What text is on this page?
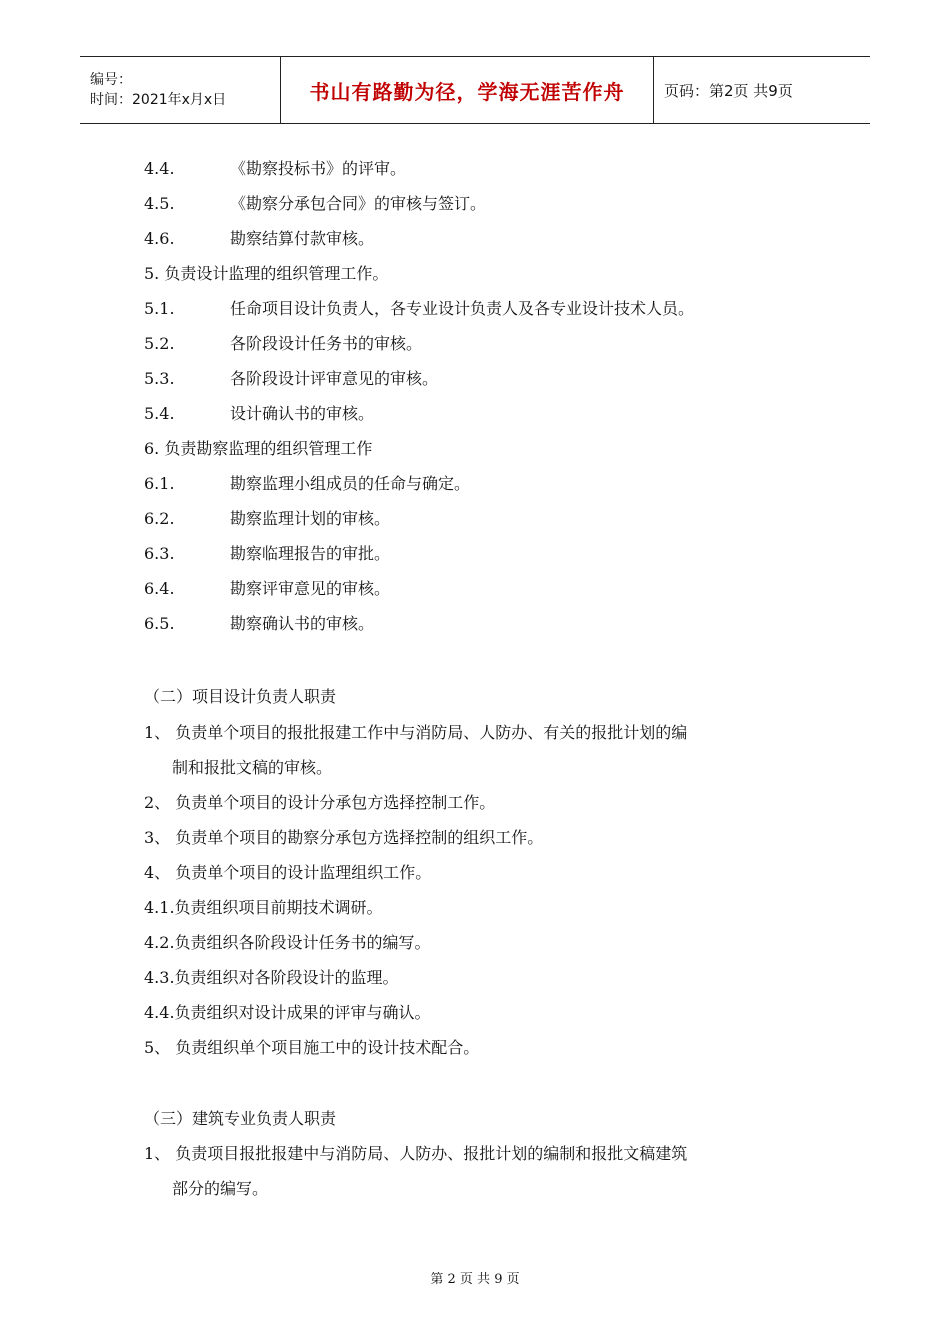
编号：
时间：2021年x月x日	书山有路勤为径，学海无涯苦作舟	页码：第2页 共9页
4.4.	《勘察投标书》的评审。
4.5.	《勘察分承包合同》的审核与签订。
4.6.	勘察结算付款审核。
5. 负责设计监理的组织管理工作。
5.1.	任命项目设计负责人，各专业设计负责人及各专业设计技术人员。
5.2.	各阶段设计任务书的审核。
5.3.	各阶段设计评审意见的审核。
5.4.	设计确认书的审核。
6. 负责勘察监理的组织管理工作
6.1.	勘察监理小组成员的任命与确定。
6.2.	勘察监理计划的审核。
6.3.	勘察临理报告的审批。
6.4.	勘察评审意见的审核。
6.5.	勘察确认书的审核。
（二）项目设计负责人职责
1、 负责单个项目的报批报建工作中与消防局、人防办、有关的报批计划的编
制和报批文稿的审核。
2、 负责单个项目的设计分承包方选择控制工作。
3、 负责单个项目的勘察分承包方选择控制的组织工作。
4、 负责单个项目的设计监理组织工作。
4.1.负责组织项目前期技术调研。
4.2.负责组织各阶段设计任务书的编写。
4.3.负责组织对各阶段设计的监理。
4.4.负责组织对设计成果的评审与确认。
5、 负责组织单个项目施工中的设计技术配合。
（三）建筑专业负责人职责
1、 负责项目报批报建中与消防局、人防办、报批计划的编制和报批文稿建筑
部分的编写。
第 2 页 共 9 页
